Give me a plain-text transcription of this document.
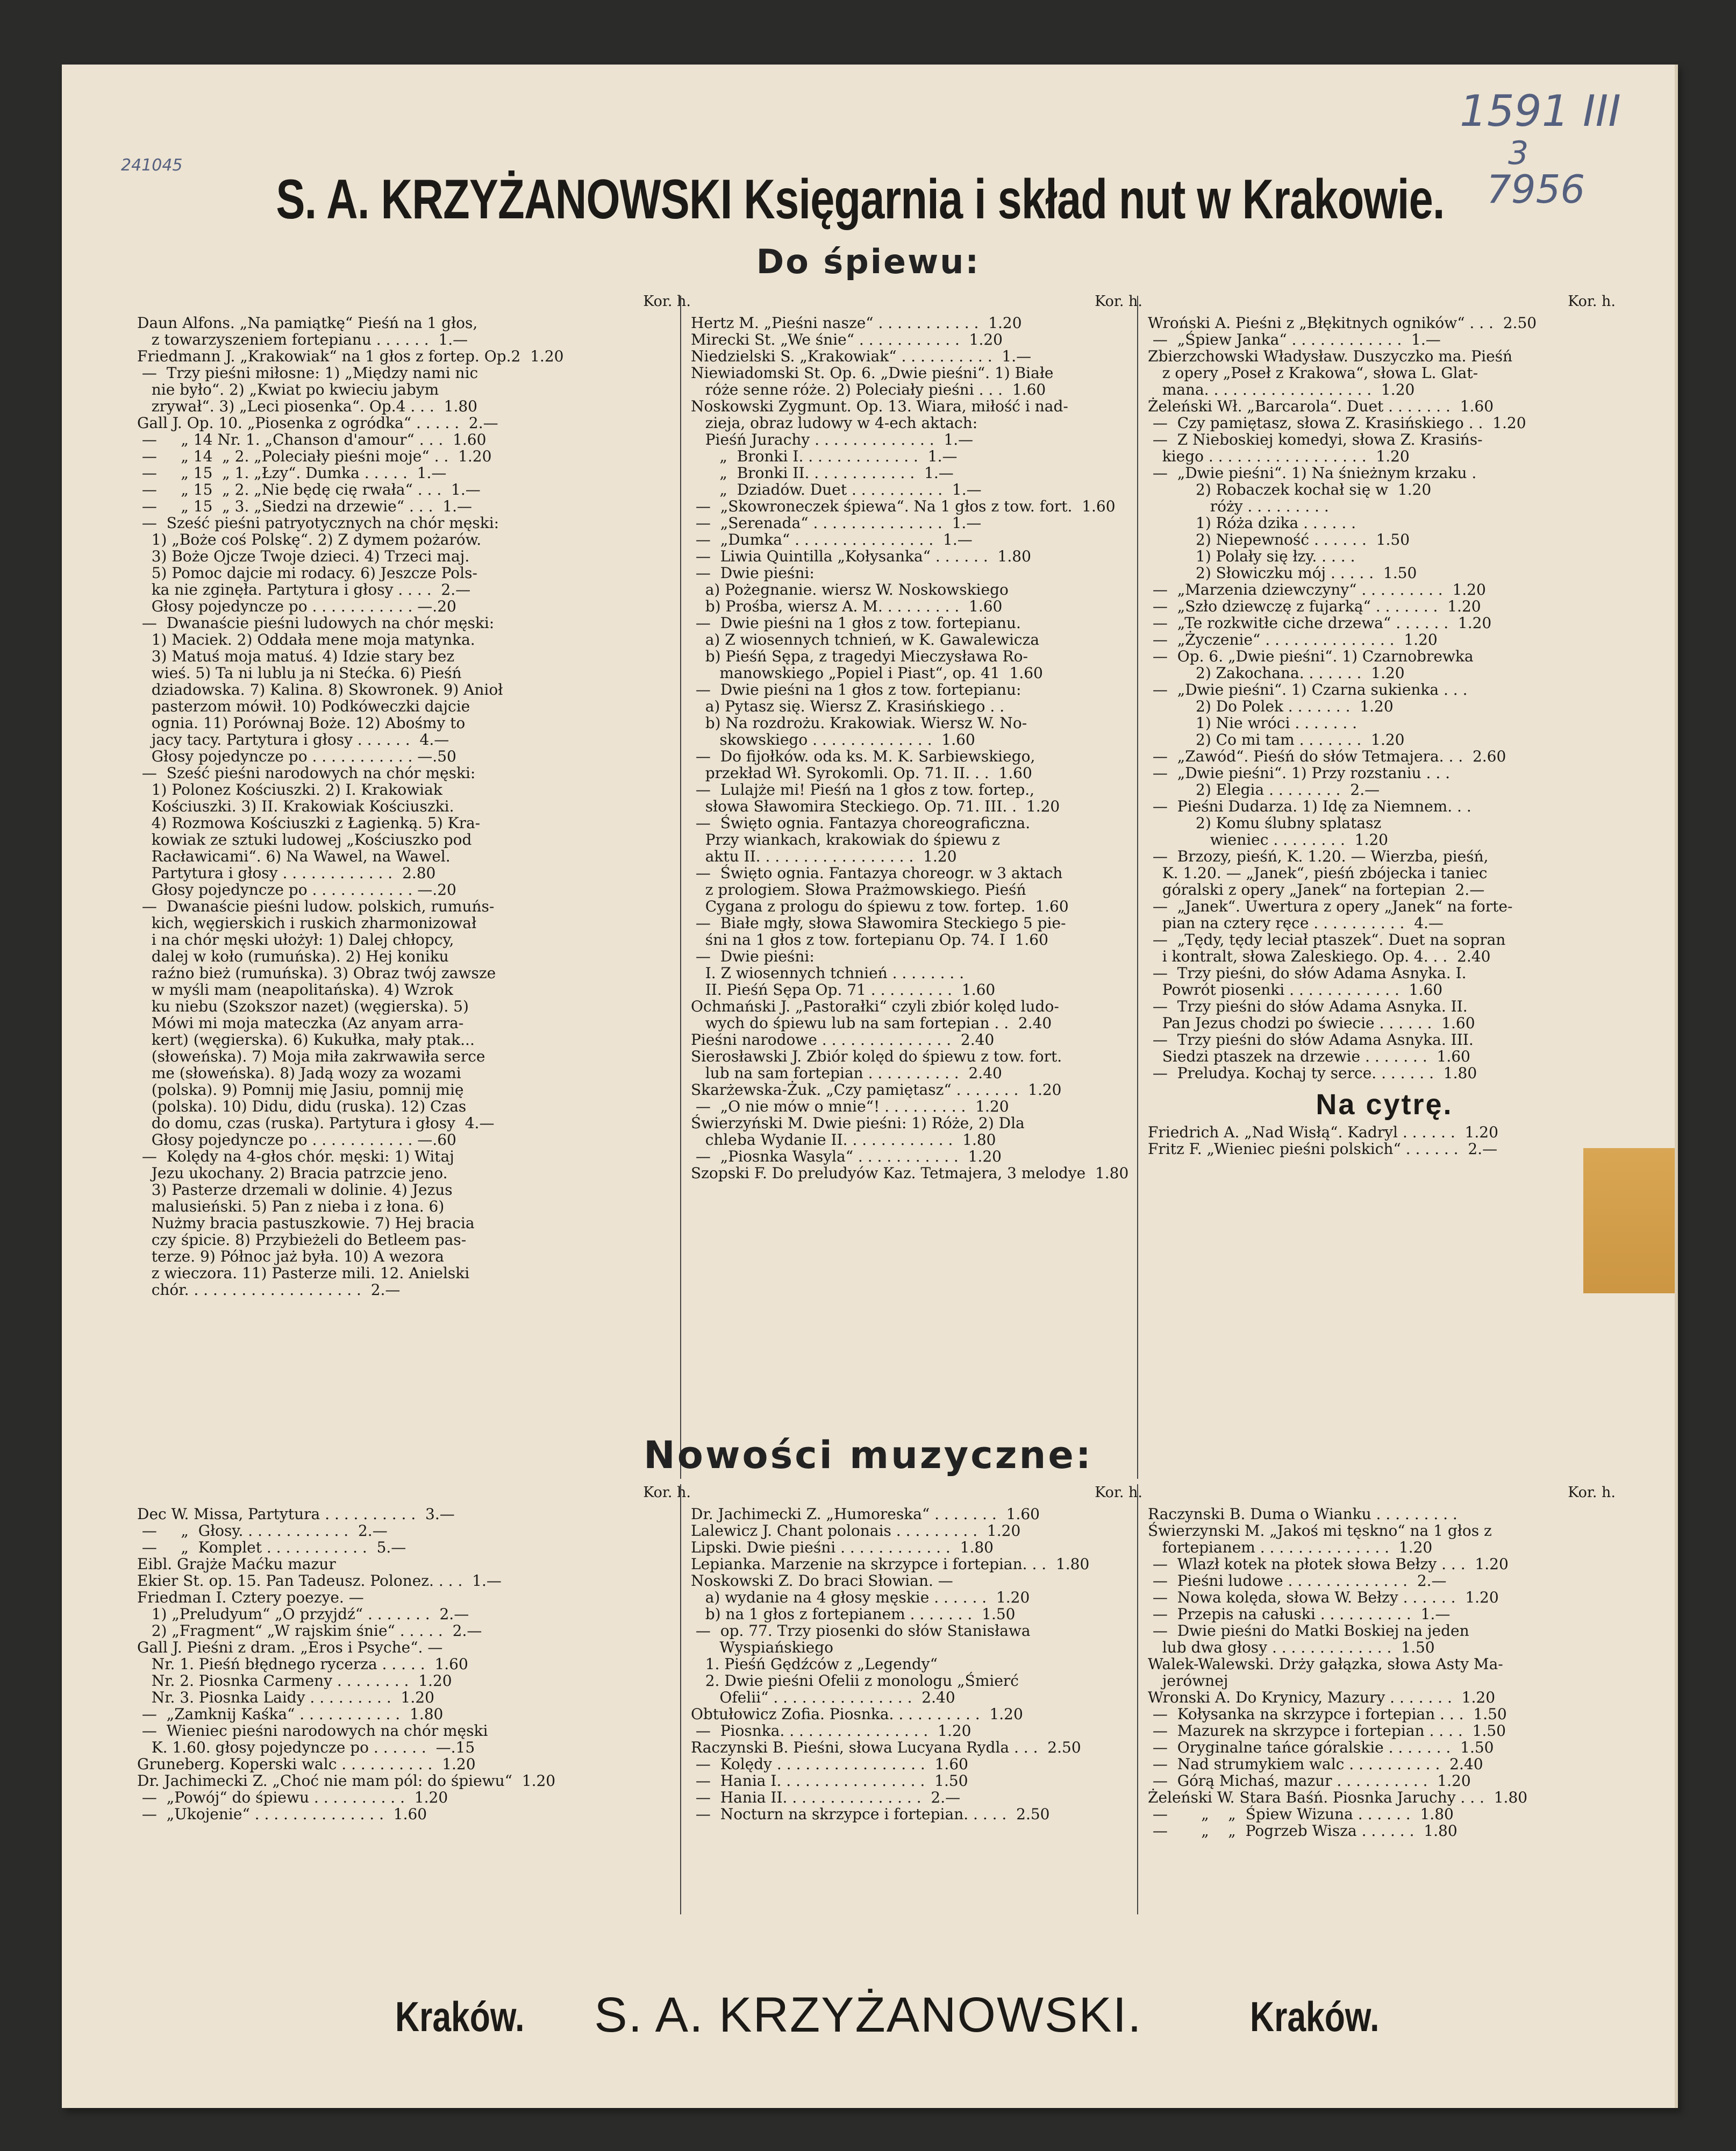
241045
1591 III
3
7956
S. A. KRZYŻANOWSKI Księgarnia i skład nut w Krakowie.
Do śpiewu:
Kor. h.	Kor. h.	Kor. h.
Daun Alfons. „Na pamiątkę“ Pieśń na 1 głos,
z towarzyszeniem fortepianu . . . . . .  1.—
Friedmann J. „Krakowiak“ na 1 głos z fortep. Op.2  1.20
—  Trzy pieśni miłosne: 1) „Między nami nic
nie było“. 2) „Kwiat po kwieciu jabym
zrywał“. 3) „Leci piosenka“. Op.4 . . .  1.80
Gall J. Op. 10. „Piosenka z ogródka“ . . . . .  2.—
—     „ 14 Nr. 1. „Chanson d'amour“ . . .  1.60
—     „ 14  „ 2. „Poleciały pieśni moje“ . .  1.20
—     „ 15  „ 1. „Łzy“. Dumka . . . . .  1.—
—     „ 15  „ 2. „Nie będę cię rwała“ . . .  1.—
—     „ 15  „ 3. „Siedzi na drzewie“ . . .  1.—
—  Sześć pieśni patryotycznych na chór męski:
1) „Boże coś Polskę“. 2) Z dymem pożarów.
3) Boże Ojcze Twoje dzieci. 4) Trzeci maj.
5) Pomoc dajcie mi rodacy. 6) Jeszcze Pols-
ka nie zginęła. Partytura i głosy . . . .  2.—
Głosy pojedyncze po . . . . . . . . . . . —.20
—  Dwanaście pieśni ludowych na chór męski:
1) Maciek. 2) Oddała mene moja matynka.
3) Matuś moja matuś. 4) Idzie stary bez
wieś. 5) Ta ni lublu ja ni Stećka. 6) Pieśń
dziadowska. 7) Kalina. 8) Skowronek. 9) Anioł
pasterzom mówił. 10) Podkóweczki dajcie
ognia. 11) Porównaj Boże. 12) Abośmy to
jacy tacy. Partytura i głosy . . . . . .  4.—
Głosy pojedyncze po . . . . . . . . . . . —.50
—  Sześć pieśni narodowych na chór męski:
1) Polonez Kościuszki. 2) I. Krakowiak
Kościuszki. 3) II. Krakowiak Kościuszki.
4) Rozmowa Kościuszki z Łagienką. 5) Kra-
kowiak ze sztuki ludowej „Kościuszko pod
Racławicami“. 6) Na Wawel, na Wawel.
Partytura i głosy . . . . . . . . . . . .  2.80
Głosy pojedyncze po . . . . . . . . . . . —.20
—  Dwanaście pieśni ludow. polskich, rumuńs-
kich, węgierskich i ruskich zharmonizował
i na chór męski ułożył: 1) Dalej chłopcy,
dalej w koło (rumuńska). 2) Hej koniku
raźno bież (rumuńska). 3) Obraz twój zawsze
w myśli mam (neapolitańska). 4) Wzrok
ku niebu (Szokszor nazet) (węgierska). 5)
Mówi mi moja mateczka (Az anyam arra-
kert) (węgierska). 6) Kukułka, mały ptak...
(słoweńska). 7) Moja miła zakrwawiła serce
me (słoweńska). 8) Jadą wozy za wozami
(polska). 9) Pomnij mię Jasiu, pomnij mię
(polska). 10) Didu, didu (ruska). 12) Czas
do domu, czas (ruska). Partytura i głosy  4.—
Głosy pojedyncze po . . . . . . . . . . . —.60
—  Kolędy na 4-głos chór. męski: 1) Witaj
Jezu ukochany. 2) Bracia patrzcie jeno.
3) Pasterze drzemali w dolinie. 4) Jezus
malusieński. 5) Pan z nieba i z łona. 6)
Nużmy bracia pastuszkowie. 7) Hej bracia
czy śpicie. 8) Przybieżeli do Betleem pas-
terze. 9) Północ jaż była. 10) A wezora
z wieczora. 11) Pasterze mili. 12. Anielski
chór. . . . . . . . . . . . . . . . . . .  2.—
Hertz M. „Pieśni nasze“ . . . . . . . . . . .  1.20
Mirecki St. „We śnie“ . . . . . . . . . . .  1.20
Niedzielski S. „Krakowiak“ . . . . . . . . . .  1.—
Niewiadomski St. Op. 6. „Dwie pieśni“. 1) Białe
róże senne róże. 2) Poleciały pieśni . . .  1.60
Noskowski Zygmunt. Op. 13. Wiara, miłość i nad-
zieja, obraz ludowy w 4-ech aktach:
Pieśń Jurachy . . . . . . . . . . . . .  1.—
„  Bronki I. . . . . . . . . . . . .  1.—
„  Bronki II. . . . . . . . . . . .  1.—
„  Dziadów. Duet . . . . . . . . . .  1.—
—  „Skowroneczek śpiewa“. Na 1 głos z tow. fort.  1.60
—  „Serenada“ . . . . . . . . . . . . . .  1.—
—  „Dumka“ . . . . . . . . . . . . . . .  1.—
—  Liwia Quintilla „Kołysanka“ . . . . . .  1.80
—  Dwie pieśni:
a) Pożegnanie. wiersz W. Noskowskiego
b) Prośba, wiersz A. M. . . . . . . . .  1.60
—  Dwie pieśni na 1 głos z tow. fortepianu.
a) Z wiosennych tchnień, w K. Gawalewicza
b) Pieśń Sępa, z tragedyi Mieczysława Ro-
manowskiego „Popiel i Piast“, op. 41  1.60
—  Dwie pieśni na 1 głos z tow. fortepianu:
a) Pytasz się. Wiersz Z. Krasińskiego . .
b) Na rozdrożu. Krakowiak. Wiersz W. No-
skowskiego . . . . . . . . . . . . .  1.60
—  Do fijołków. oda ks. M. K. Sarbiewskiego,
przekład Wł. Syrokomli. Op. 71. II. . .  1.60
—  Lulajże mi! Pieśń na 1 głos z tow. fortep.,
słowa Sławomira Steckiego. Op. 71. III. .  1.20
—  Święto ognia. Fantazya choreograficzna.
Przy wiankach, krakowiak do śpiewu z
aktu II. . . . . . . . . . . . . . . . .  1.20
—  Święto ognia. Fantazya choreogr. w 3 aktach
z prologiem. Słowa Prażmowskiego. Pieśń
Cygana z prologu do śpiewu z tow. fortep.  1.60
—  Białe mgły, słowa Sławomira Steckiego 5 pie-
śni na 1 głos z tow. fortepianu Op. 74. I  1.60
—  Dwie pieśni:
I. Z wiosennych tchnień . . . . . . . .
II. Pieśń Sępa Op. 71 . . . . . . . . .  1.60
Ochmański J. „Pastorałki“ czyli zbiór kolęd ludo-
wych do śpiewu lub na sam fortepian . .  2.40
Pieśni narodowe . . . . . . . . . . . . . .  2.40
Sierosławski J. Zbiór kolęd do śpiewu z tow. fort.
lub na sam fortepian . . . . . . . . . .  2.40
Skarżewska-Żuk. „Czy pamiętasz“ . . . . . . .  1.20
—  „O nie mów o mnie“! . . . . . . . . .  1.20
Świerzyński M. Dwie pieśni: 1) Róże, 2) Dla
chleba Wydanie II. . . . . . . . . . . .  1.80
—  „Piosnka Wasyla“ . . . . . . . . . . .  1.20
Szopski F. Do preludyów Kaz. Tetmajera, 3 melodye  1.80
Wroński A. Pieśni z „Błękitnych ogników“ . . .  2.50
—  „Śpiew Janka“ . . . . . . . . . . . .  1.—
Zbierzchowski Władysław. Duszyczko ma. Pieśń
z opery „Poseł z Krakowa“, słowa L. Glat-
mana. . . . . . . . . . . . . . . . . .  1.20
Żeleński Wł. „Barcarola“. Duet . . . . . . .  1.60
—  Czy pamiętasz, słowa Z. Krasińskiego . .  1.20
—  Z Nieboskiej komedyi, słowa Z. Krasińs-
kiego . . . . . . . . . . . . . . . . .  1.20
—  „Dwie pieśni“. 1) Na śnieżnym krzaku .
2) Robaczek kochał się w  1.20
róży . . . . . . . . .
1) Róża dzika . . . . . .
2) Niepewność . . . . . .  1.50
1) Polały się łzy. . . . .
2) Słowiczku mój . . . . .  1.50
—  „Marzenia dziewczyny“ . . . . . . . . .  1.20
—  „Szło dziewczę z fujarką“ . . . . . . .  1.20
—  „Te rozkwitłe ciche drzewa“ . . . . . .  1.20
—  „Życzenie“ . . . . . . . . . . . . . .  1.20
—  Op. 6. „Dwie pieśni“. 1) Czarnobrewka
2) Zakochana. . . . . . .  1.20
—  „Dwie pieśni“. 1) Czarna sukienka . . .
2) Do Polek . . . . . . .  1.20
1) Nie wróci . . . . . . .
2) Co mi tam . . . . . . .  1.20
—  „Zawód“. Pieśń do słów Tetmajera. . .  2.60
—  „Dwie pieśni“. 1) Przy rozstaniu . . .
2) Elegia . . . . . . . .  2.—
—  Pieśni Dudarza. 1) Idę za Niemnem. . .
2) Komu ślubny splatasz
wieniec . . . . . . . .  1.20
—  Brzozy, pieśń, K. 1.20. — Wierzba, pieśń,
K. 1.20. — „Janek“, pieśń zbójecka i taniec
góralski z opery „Janek“ na fortepian  2.—
—  „Janek“. Uwertura z opery „Janek“ na forte-
pian na cztery ręce . . . . . . . . . .  4.—
—  „Tędy, tędy leciał ptaszek“. Duet na sopran
i kontralt, słowa Zaleskiego. Op. 4. . .  2.40
—  Trzy pieśni, do słów Adama Asnyka. I.
Powrót piosenki . . . . . . . . . . . .  1.60
—  Trzy pieśni do słów Adama Asnyka. II.
Pan Jezus chodzi po świecie . . . . . .  1.60
—  Trzy pieśni do słów Adama Asnyka. III.
Siedzi ptaszek na drzewie . . . . . . .  1.60
—  Preludya. Kochaj ty serce. . . . . . .  1.80
Na cytrę.
Friedrich A. „Nad Wisłą“. Kadryl . . . . . .  1.20
Fritz F. „Wieniec pieśni polskich“ . . . . . .  2.—
Nowości muzyczne:
Kor. h.	Kor. h.	Kor. h.
Dec W. Missa, Partytura . . . . . . . . . .  3.—
—     „  Głosy. . . . . . . . . . . .  2.—
—     „  Komplet . . . . . . . . . . .  5.—
Eibl. Grajże Maćku mazur
Ekier St. op. 15. Pan Tadeusz. Polonez. . . .  1.—
Friedman I. Cztery poezye. —
1) „Preludyum“ „O przyjdź“ . . . . . . .  2.—
2) „Fragment“ „W rajskim śnie“ . . . . .  2.—
Gall J. Pieśni z dram. „Eros i Psyche“. —
Nr. 1. Pieśń błędnego rycerza . . . . .  1.60
Nr. 2. Piosnka Carmeny . . . . . . . .  1.20
Nr. 3. Piosnka Laidy . . . . . . . . .  1.20
—  „Zamknij Kaśka“ . . . . . . . . . . .  1.80
—  Wieniec pieśni narodowych na chór męski
K. 1.60. głosy pojedyncze po . . . . . .  —.15
Gruneberg. Koperski walc . . . . . . . . . .  1.20
Dr. Jachimecki Z. „Choć nie mam pól: do śpiewu“  1.20
—  „Powój“ do śpiewu . . . . . . . . . .  1.20
—  „Ukojenie“ . . . . . . . . . . . . . .  1.60
Dr. Jachimecki Z. „Humoreska“ . . . . . . .  1.60
Lalewicz J. Chant polonais . . . . . . . . .  1.20
Lipski. Dwie pieśni . . . . . . . . . . . .  1.80
Lepianka. Marzenie na skrzypce i fortepian. . .  1.80
Noskowski Z. Do braci Słowian. —
a) wydanie na 4 głosy męskie . . . . . .  1.20
b) na 1 głos z fortepianem . . . . . . .  1.50
—  op. 77. Trzy piosenki do słów Stanisława
Wyspiańskiego
1. Pieśń Gędźców z „Legendy“
2. Dwie pieśni Ofelii z monologu „Śmierć
Ofelii“ . . . . . . . . . . . . . . .  2.40
Obtułowicz Zofia. Piosnka. . . . . . . . . .  1.20
—  Piosnka. . . . . . . . . . . . . . . .  1.20
Raczynski B. Pieśni, słowa Lucyana Rydla . . .  2.50
—  Kolędy . . . . . . . . . . . . . . . .  1.60
—  Hania I. . . . . . . . . . . . . . . .  1.50
—  Hania II. . . . . . . . . . . . . . .  2.—
—  Nocturn na skrzypce i fortepian. . . . .  2.50
Raczynski B. Duma o Wianku . . . . . . . . .
Świerzynski M. „Jakoś mi tęskno“ na 1 głos z
fortepianem . . . . . . . . . . . . . .  1.20
—  Wlazł kotek na płotek słowa Bełzy . . .  1.20
—  Pieśni ludowe . . . . . . . . . . . . .  2.—
—  Nowa kolęda, słowa W. Bełzy . . . . . .  1.20
—  Przepis na całuski . . . . . . . . . .  1.—
—  Dwie pieśni do Matki Boskiej na jeden
lub dwa głosy . . . . . . . . . . . . .  1.50
Walek-Walewski. Drży gałązka, słowa Asty Ma-
jerównej
Wronski A. Do Krynicy, Mazury . . . . . . .  1.20
—  Kołysanka na skrzypce i fortepian . . .  1.50
—  Mazurek na skrzypce i fortepian . . . .  1.50
—  Oryginalne tańce góralskie . . . . . . .  1.50
—  Nad strumykiem walc . . . . . . . . . .  2.40
—  Górą Michaś, mazur . . . . . . . . . .  1.20
Żeleński W. Stara Baśń. Piosnka Jaruchy . . .  1.80
—       „    „  Śpiew Wizuna . . . . . .  1.80
—       „    „  Pogrzeb Wisza . . . . . .  1.80
Kraków.	S. A. KRZYŻANOWSKI.	Kraków.
